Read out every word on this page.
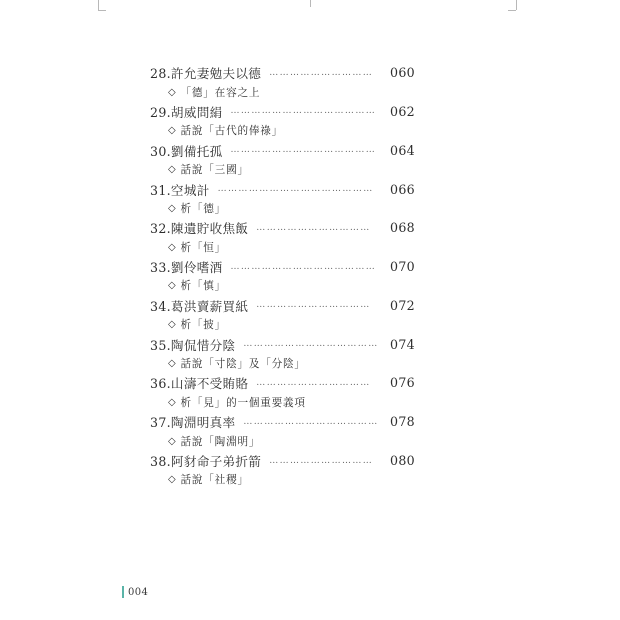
28.許允妻勉夫以德 …………………………	060
◇ 「德」在容之上
29.胡威問絹 ……………………………………	062
◇ 話說「古代的俸祿」
30.劉備托孤 ……………………………………	064
◇ 話說「三國」
31.空城計 ………………………………………	066
◇ 析「德」
32.陳遺貯收焦飯 ……………………………	068
◇ 析「恒」
33.劉伶嗜酒 ……………………………………	070
◇ 析「慎」
34.葛洪賣薪買紙 ……………………………	072
◇ 析「披」
35.陶侃惜分陰 ………………………………… 074
◇ 話說「寸陰」及「分陰」
36.山濤不受賄賂 ……………………………	076
◇ 析「見」的一個重要義項
37.陶淵明真率 ………………………………… 078
◇ 話說「陶淵明」
38.阿豺命子弟折箭 …………………………	080
◇ 話說「社稷」
004
